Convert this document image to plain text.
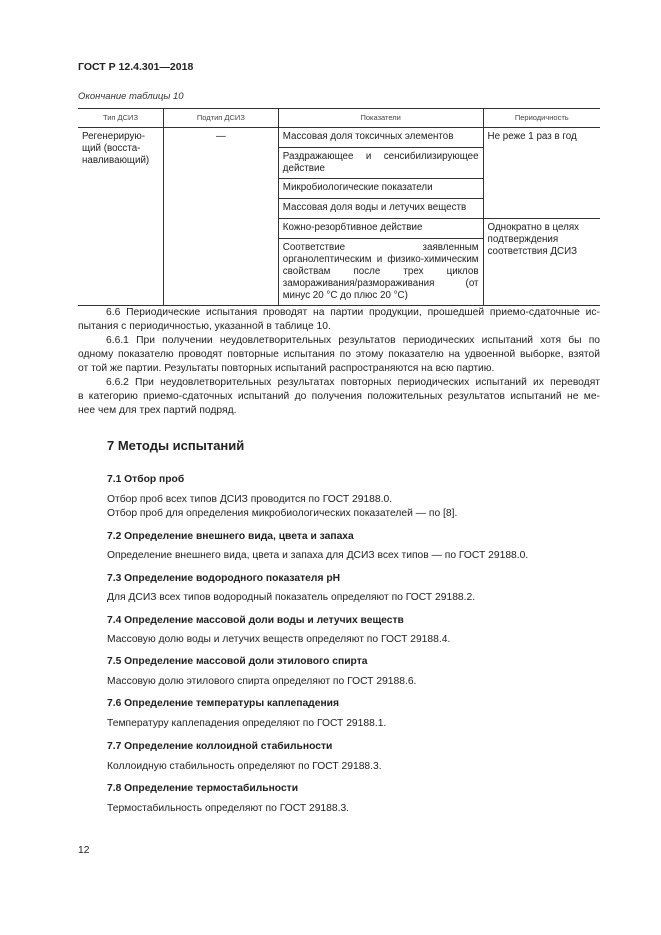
ГОСТ Р 12.4.301—2018
Окончание таблицы 10
Тип ДСИЗ	Подтип ДСИЗ	Показатели	Периодичность
Регенерирую-
щий (восста-
навливающий)	—	Массовая доля токсичных элементов	Не реже 1 раз в год
		Раздражающее и сенсибилизирующее действие	
		Микробиологические показатели	
		Массовая доля воды и летучих веществ	
		Кожно-резорбтивное действие	Однократно в целях подтверждения соответствия ДСИЗ
		Соответствие заявленным органолептическим и физико-химическим свойствам после трех циклов замораживания/размораживания (от минус 20 °С до плюс 20 °С)	
6.6 Периодические испытания проводят на партии продукции, прошедшей приемо-сдаточные ис-
пытания с периодичностью, указанной в таблице 10.
6.6.1 При получении неудовлетворительных результатов периодических испытаний хотя бы по
одному показателю проводят повторные испытания по этому показателю на удвоенной выборке, взятой
от той же партии. Результаты повторных испытаний распространяются на всю партию.
6.6.2 При неудовлетворительных результатах повторных периодических испытаний их переводят
в категорию приемо-сдаточных испытаний до получения положительных результатов испытаний не ме-
нее чем для трех партий подряд.
7 Методы испытаний
7.1 Отбор проб
Отбор проб всех типов ДСИЗ проводится по ГОСТ 29188.0.
Отбор проб для определения микробиологических показателей — по [8].
7.2 Определение внешнего вида, цвета и запаха
Определение внешнего вида, цвета и запаха для ДСИЗ всех типов — по ГОСТ 29188.0.
7.3 Определение водородного показателя рН
Для ДСИЗ всех типов водородный показатель определяют по ГОСТ 29188.2.
7.4 Определение массовой доли воды и летучих веществ
Массовую долю воды и летучих веществ определяют по ГОСТ 29188.4.
7.5 Определение массовой доли этилового спирта
Массовую долю этилового спирта определяют по ГОСТ 29188.6.
7.6 Определение температуры каплепадения
Температуру каплепадения определяют по ГОСТ 29188.1.
7.7 Определение коллоидной стабильности
Коллоидную стабильность определяют по ГОСТ 29188.3.
7.8 Определение термостабильности
Термостабильность определяют по ГОСТ 29188.3.
12
